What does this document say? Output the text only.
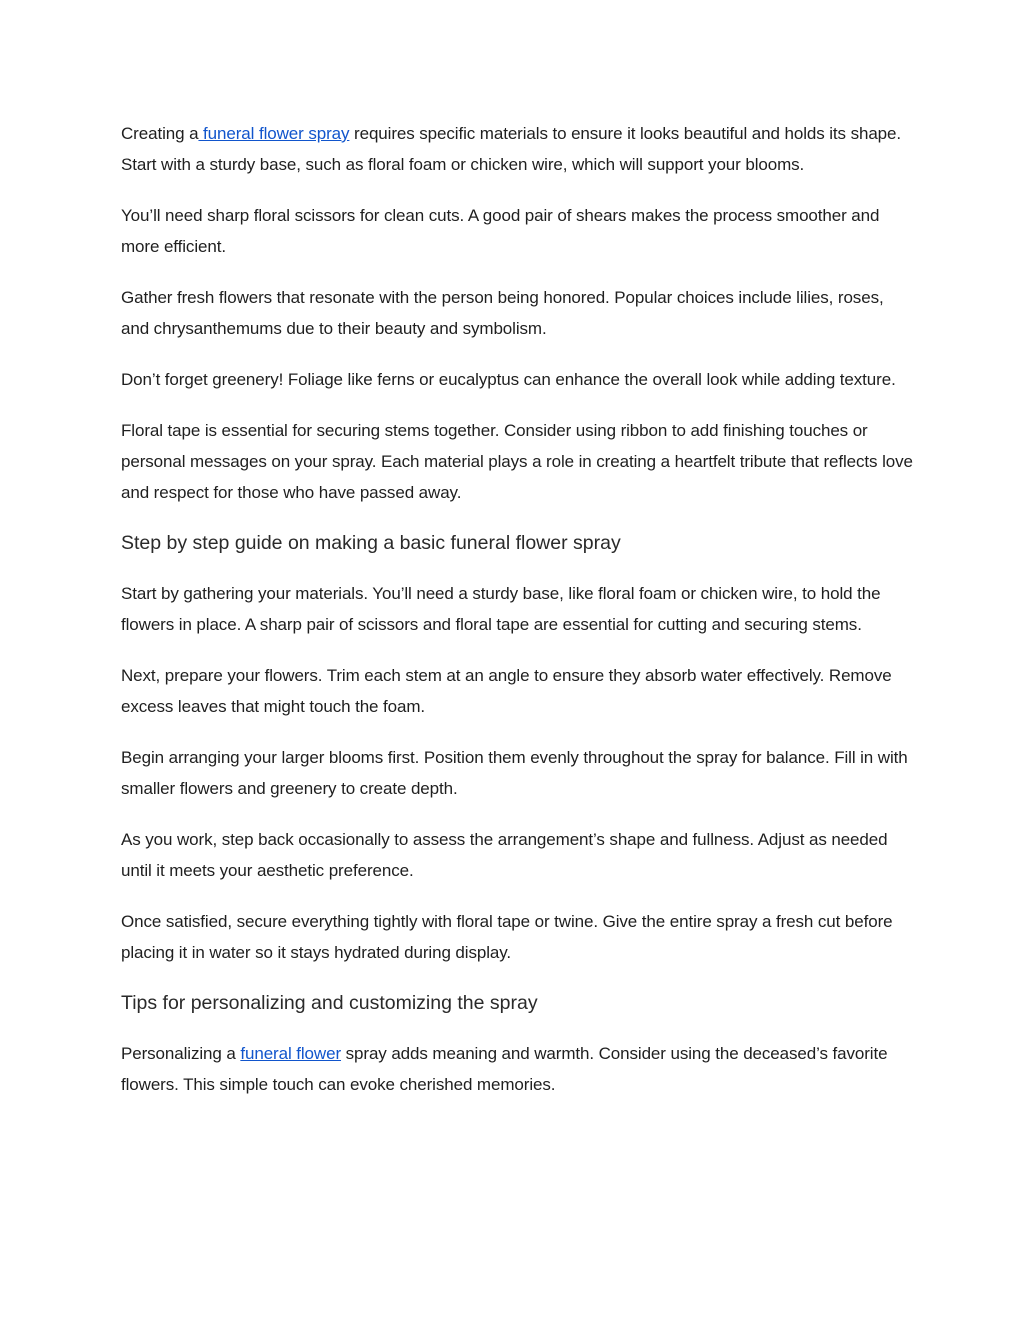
Creating a funeral flower spray requires specific materials to ensure it looks beautiful and holds its shape. Start with a sturdy base, such as floral foam or chicken wire, which will support your blooms.

You’ll need sharp floral scissors for clean cuts. A good pair of shears makes the process smoother and more efficient.

Gather fresh flowers that resonate with the person being honored. Popular choices include lilies, roses, and chrysanthemums due to their beauty and symbolism.

Don’t forget greenery! Foliage like ferns or eucalyptus can enhance the overall look while adding texture.

Floral tape is essential for securing stems together. Consider using ribbon to add finishing touches or personal messages on your spray. Each material plays a role in creating a heartfelt tribute that reflects love and respect for those who have passed away.

Step by step guide on making a basic funeral flower spray

Start by gathering your materials. You’ll need a sturdy base, like floral foam or chicken wire, to hold the flowers in place. A sharp pair of scissors and floral tape are essential for cutting and securing stems.

Next, prepare your flowers. Trim each stem at an angle to ensure they absorb water effectively. Remove excess leaves that might touch the foam.

Begin arranging your larger blooms first. Position them evenly throughout the spray for balance. Fill in with smaller flowers and greenery to create depth.

As you work, step back occasionally to assess the arrangement’s shape and fullness. Adjust as needed until it meets your aesthetic preference.

Once satisfied, secure everything tightly with floral tape or twine. Give the entire spray a fresh cut before placing it in water so it stays hydrated during display.

Tips for personalizing and customizing the spray

Personalizing a funeral flower spray adds meaning and warmth. Consider using the deceased’s favorite flowers. This simple touch can evoke cherished memories.
